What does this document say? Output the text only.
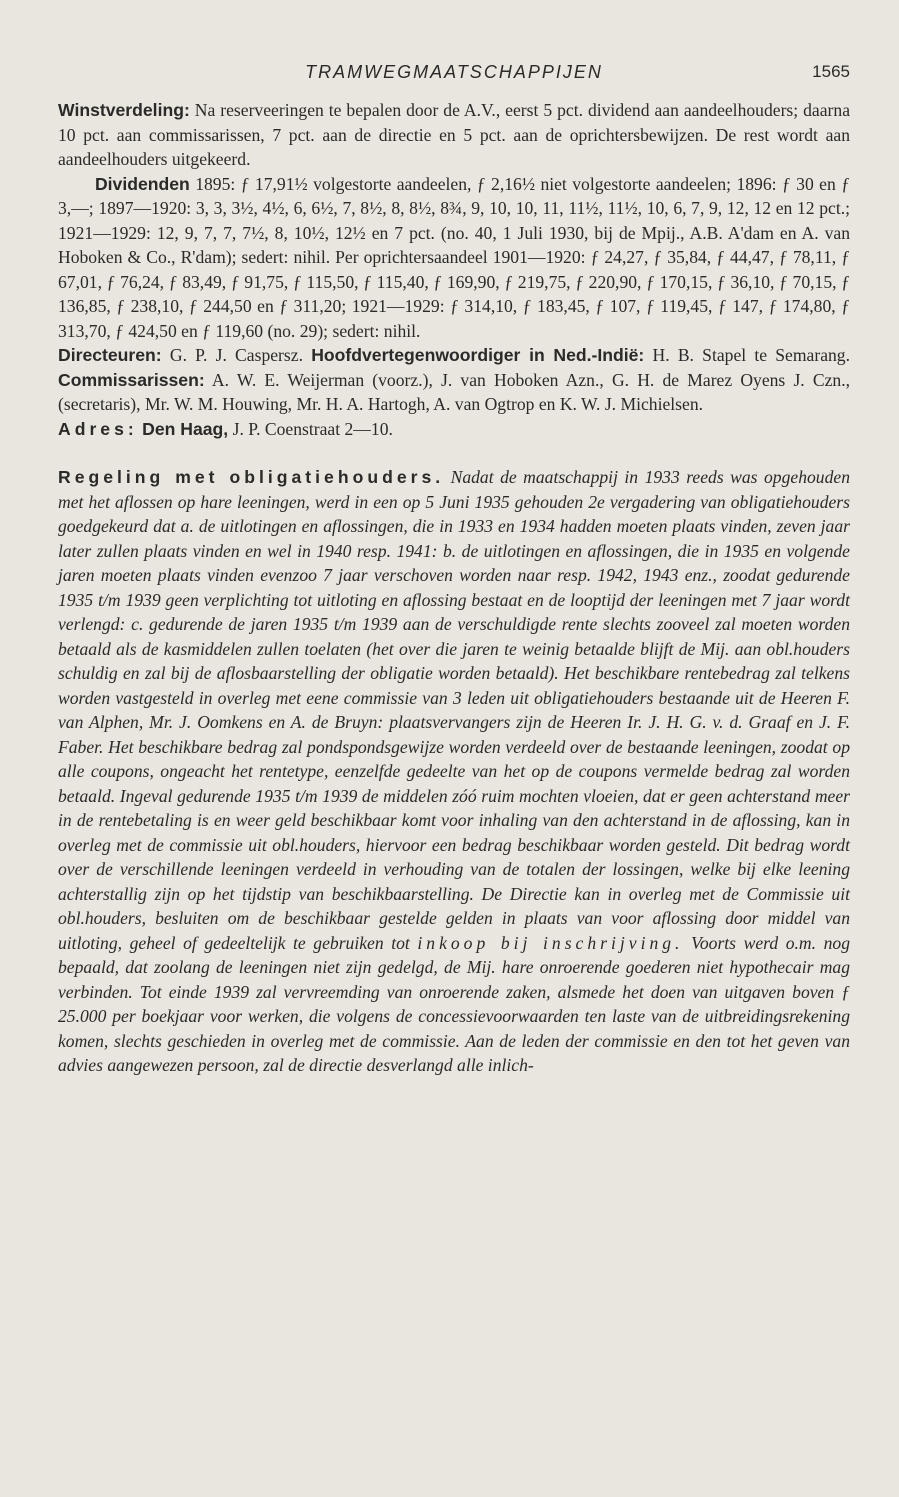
TRAMWEGMAATSCHAPPIJEN	1565

Winstverdeling: Na reserveeringen te bepalen door de A.V., eerst 5 pct. dividend aan aandeelhouders; daarna 10 pct. aan commissarissen, 7 pct. aan de directie en 5 pct. aan de oprichtersbewijzen. De rest wordt aan aandeelhouders uitgekeerd.

Dividenden 1895: ƒ 17,91½ volgestorte aandeelen, ƒ 2,16½ niet volgestorte aandeelen; 1896: ƒ 30 en ƒ 3,—; 1897—1920: 3, 3, 3½, 4½, 6, 6½, 7, 8½, 8, 8½, 8¾, 9, 10, 10, 11, 11½, 11½, 10, 6, 7, 9, 12, 12 en 12 pct.; 1921—1929: 12, 9, 7, 7, 7½, 8, 10½, 12½ en 7 pct. (no. 40, 1 Juli 1930, bij de Mpij., A.B. A'dam en A. van Hoboken & Co., R'dam); sedert: nihil. Per oprichtersaandeel 1901—1920: ƒ 24,27, ƒ 35,84, ƒ 44,47, ƒ 78,11, ƒ 67,01, ƒ 76,24, ƒ 83,49, ƒ 91,75, ƒ 115,50, ƒ 115,40, ƒ 169,90, ƒ 219,75, ƒ 220,90, ƒ 170,15, ƒ 36,10, ƒ 70,15, ƒ 136,85, ƒ 238,10, ƒ 244,50 en ƒ 311,20; 1921—1929: ƒ 314,10, ƒ 183,45, ƒ 107, ƒ 119,45, ƒ 147, ƒ 174,80, ƒ 313,70, ƒ 424,50 en ƒ 119,60 (no. 29); sedert: nihil.

Directeuren: G. P. J. Caspersz. Hoofdvertegenwoordiger in Ned.-Indië: H. B. Stapel te Semarang. Commissarissen: A. W. E. Weijerman (voorz.), J. van Hoboken Azn., G. H. de Marez Oyens J. Czn., (secretaris), Mr. W. M. Houwing, Mr. H. A. Hartogh, A. van Ogtrop en K. W. J. Michielsen.

Adres: Den Haag, J. P. Coenstraat 2—10.

Regeling met obligatiehouders. Nadat de maatschappij in 1933 reeds was opgehouden met het aflossen op hare leeningen, werd in een op 5 Juni 1935 gehouden 2e vergadering van obligatiehouders goedgekeurd dat a. de uitlotingen en aflossingen, die in 1933 en 1934 hadden moeten plaats vinden, zeven jaar later zullen plaats vinden en wel in 1940 resp. 1941: b. de uitlotingen en aflossingen, die in 1935 en volgende jaren moeten plaats vinden evenzoo 7 jaar verschoven worden naar resp. 1942, 1943 enz., zoodat gedurende 1935 t/m 1939 geen verplichting tot uitloting en aflossing bestaat en de looptijd der leeningen met 7 jaar wordt verlengd: c. gedurende de jaren 1935 t/m 1939 aan de verschuldigde rente slechts zooveel zal moeten worden betaald als de kasmiddelen zullen toelaten (het over die jaren te weinig betaalde blijft de Mij. aan obl.houders schuldig en zal bij de aflosbaarstelling der obligatie worden betaald). Het beschikbare rentebedrag zal telkens worden vastgesteld in overleg met eene commissie van 3 leden uit obligatiehouders bestaande uit de Heeren F. van Alphen, Mr. J. Oomkens en A. de Bruyn: plaatsvervangers zijn de Heeren Ir. J. H. G. v. d. Graaf en J. F. Faber. Het beschikbare bedrag zal pondspondsgewijze worden verdeeld over de bestaande leeningen, zoodat op alle coupons, ongeacht het rentetype, eenzelfde gedeelte van het op de coupons vermelde bedrag zal worden betaald. Ingeval gedurende 1935 t/m 1939 de middelen zóó ruim mochten vloeien, dat er geen achterstand meer in de rentebetaling is en weer geld beschikbaar komt voor inhaling van den achterstand in de aflossing, kan in overleg met de commissie uit obl.houders, hiervoor een bedrag beschikbaar worden gesteld. Dit bedrag wordt over de verschillende leeningen verdeeld in verhouding van de totalen der lossingen, welke bij elke leening achterstallig zijn op het tijdstip van beschikbaarstelling. De Directie kan in overleg met de Commissie uit obl.houders, besluiten om de beschikbaar gestelde gelden in plaats van voor aflossing door middel van uitloting, geheel of gedeeltelijk te gebruiken tot inkoop bij inschrijving. Voorts werd o.m. nog bepaald, dat zoolang de leeningen niet zijn gedelgd, de Mij. hare onroerende goederen niet hypothecair mag verbinden. Tot einde 1939 zal vervreemding van onroerende zaken, alsmede het doen van uitgaven boven ƒ 25.000 per boekjaar voor werken, die volgens de concessievoorwaarden ten laste van de uitbreidingsrekening komen, slechts geschieden in overleg met de commissie. Aan de leden der commissie en den tot het geven van advies aangewezen persoon, zal de directie desverlangd alle inlich-
